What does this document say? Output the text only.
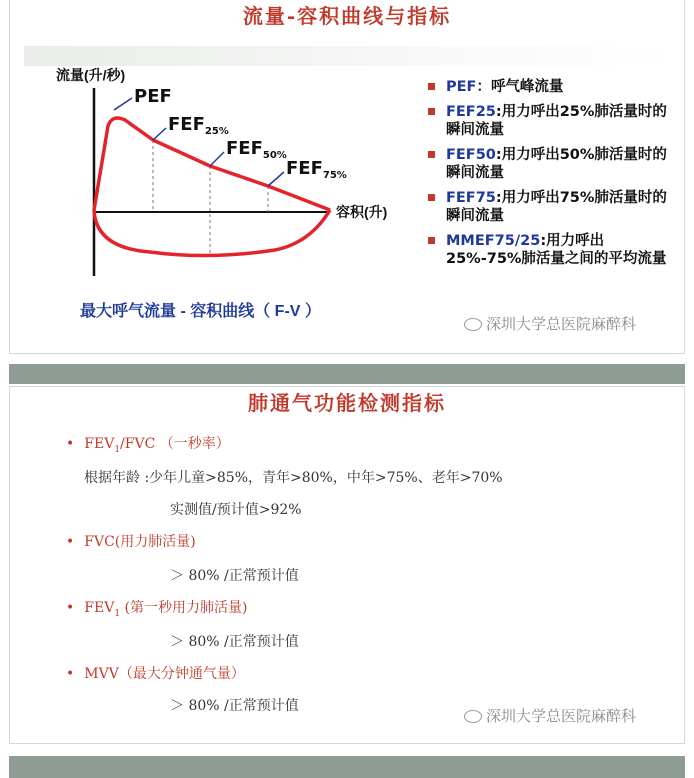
流量-容积曲线与指标
流量(升/秒)
容积(升)
PEF
$FEF_{25\%}$
$FEF_{50\%}$
$FEF_{75\%}$
最大呼气流量 - 容积曲线（ F-V ）
PEF：呼气峰流量
FEF25:用力呼出25%肺活量时的瞬间流量
FEF50:用力呼出50%肺活量时的瞬间流量
FEF75:用力呼出75%肺活量时的瞬间流量
MMEF75/25:用力呼出25%-75%肺活量之间的平均流量
深圳大学总医院麻醉科
肺通气功能检测指标
• $FEV_1$/FVC （一秒率）
根据年龄 :少年儿童>85%，青年>80%，中年>75%、老年>70%
实测值/预计值>92%
• FVC(用力肺活量)
＞ 80% /正常预计值
• $FEV_1$ (第一秒用力肺活量)
＞ 80% /正常预计值
• MVV（最大分钟通气量）
＞ 80% /正常预计值
深圳大学总医院麻醉科
